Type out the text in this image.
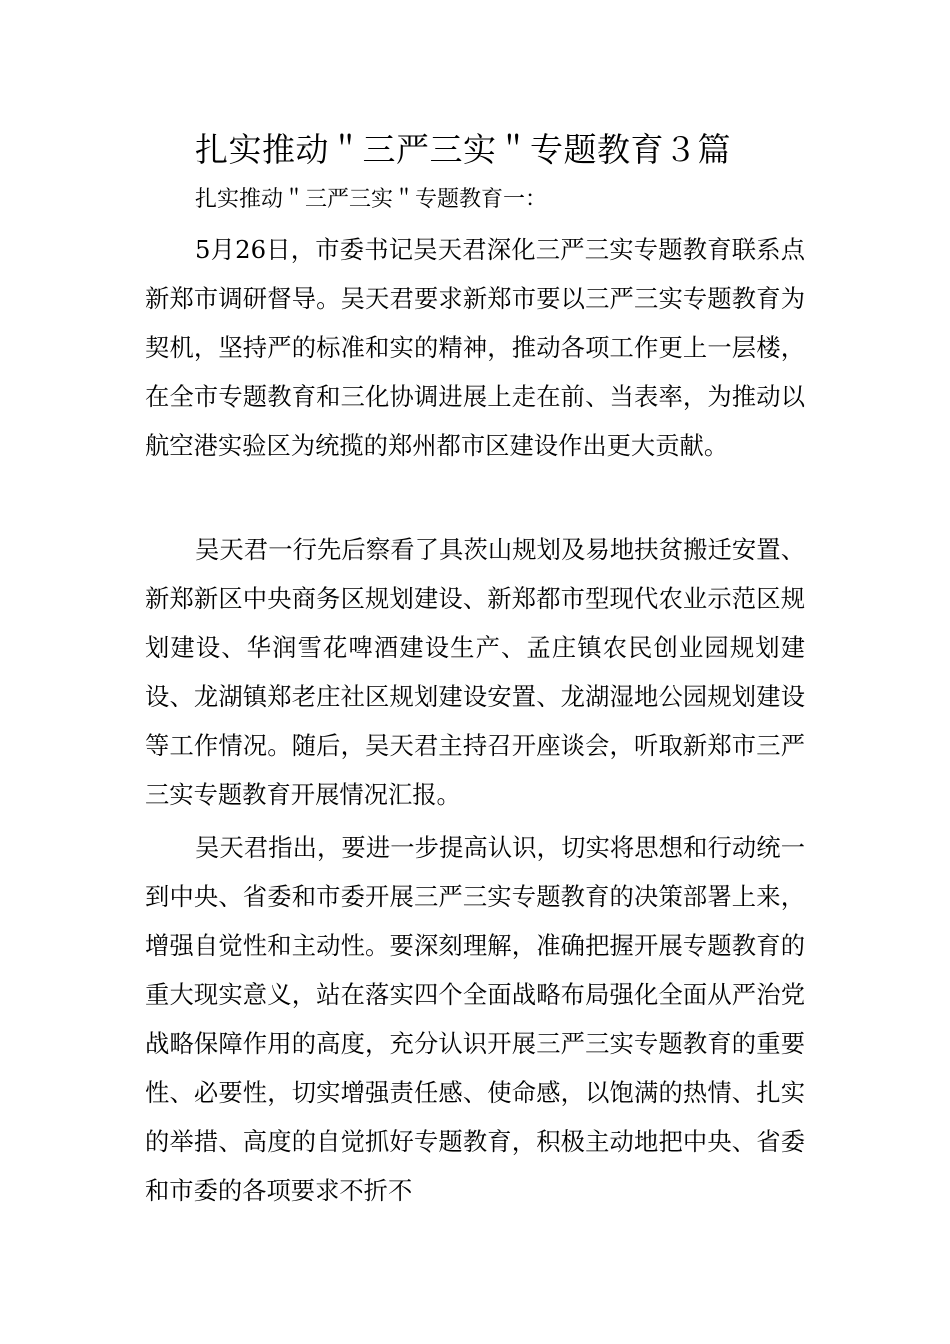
扎实推动＂三严三实＂专题教育３篇

扎实推动＂三严三实＂专题教育一：

5月26日，市委书记吴天君深化三严三实专题教育联系点新郑市调研督导。吴天君要求新郑市要以三严三实专题教育为契机，坚持严的标准和实的精神，推动各项工作更上一层楼，在全市专题教育和三化协调进展上走在前、当表率，为推动以航空港实验区为统揽的郑州都市区建设作出更大贡献。

吴天君一行先后察看了具茨山规划及易地扶贫搬迁安置、新郑新区中央商务区规划建设、新郑都市型现代农业示范区规划建设、华润雪花啤酒建设生产、孟庄镇农民创业园规划建设、龙湖镇郑老庄社区规划建设安置、龙湖湿地公园规划建设等工作情况。随后，吴天君主持召开座谈会，听取新郑市三严三实专题教育开展情况汇报。

吴天君指出，要进一步提高认识，切实将思想和行动统一到中央、省委和市委开展三严三实专题教育的决策部署上来，增强自觉性和主动性。要深刻理解，准确把握开展专题教育的重大现实意义，站在落实四个全面战略布局强化全面从严治党战略保障作用的高度，充分认识开展三严三实专题教育的重要性、必要性，切实增强责任感、使命感，以饱满的热情、扎实的举措、高度的自觉抓好专题教育，积极主动地把中央、省委和市委的各项要求不折不
